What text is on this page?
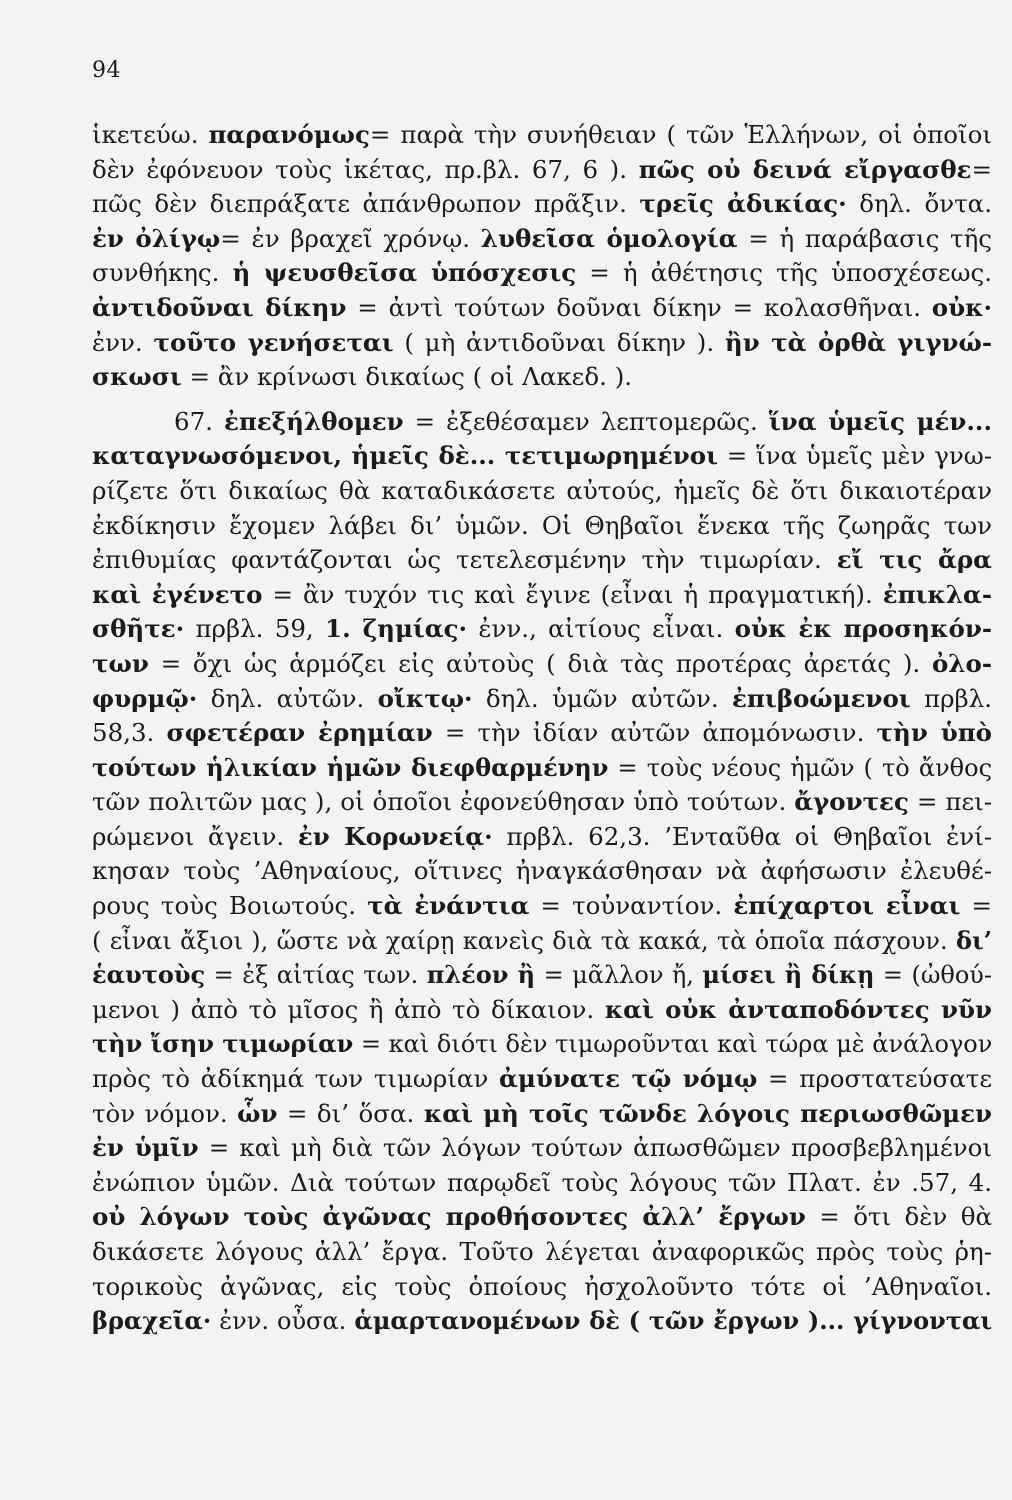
94

ἱκετεύω. παρανόμως= παρὰ τὴν συνήθειαν ( τῶν Ἑλλήνων, οἱ ὁποῖοι

δὲν ἐφόνευον τοὺς ἱκέτας, πρ.βλ. 67, 6 ). πῶς οὐ δεινά εἴργασθε=

πῶς δὲν διεπράξατε ἀπάνθρωπον πρᾶξιν. τρεῖς ἀδικίας· δηλ. ὄντα.

ἐν ὀλίγῳ= ἐν βραχεῖ χρόνῳ. λυθεῖσα ὁμολογία = ἡ παράβασις τῆς

συνθήκης. ἡ ψευσθεῖσα ὑπόσχεσις = ἡ ἀθέτησις τῆς ὑποσχέσεως.

ἀντιδοῦναι δίκην = ἀντὶ τούτων δοῦναι δίκην = κολασθῆναι. οὐκ·

ἐνν. τοῦτο γενήσεται ( μὴ ἀντιδοῦναι δίκην ). ἢν τὰ ὀρθὰ γιγνώ-

σκωσι = ἂν κρίνωσι δικαίως ( οἱ Λακεδ. ).

67. ἐπεξήλθομεν = ἐξεθέσαμεν λεπτομερῶς. ἵνα ὑμεῖς μέν...

καταγνωσόμενοι, ἡμεῖς δὲ... τετιμωρημένοι = ἵνα ὑμεῖς μὲν γνω-

ρίζετε ὅτι δικαίως θὰ καταδικάσετε αὐτούς, ἡμεῖς δὲ ὅτι δικαιοτέραν

ἐκδίκησιν ἔχομεν λάβει δι’ ὑμῶν. Οἱ Θηβαῖοι ἕνεκα τῆς ζωηρᾶς των

ἐπιθυμίας φαντάζονται ὡς τετελεσμένην τὴν τιμωρίαν. εἴ τις ἄρα

καὶ ἐγένετο = ἂν τυχόν τις καὶ ἔγινε (εἶναι ἡ πραγματική). ἐπικλα-

σθῆτε· πρβλ. 59, 1. ζημίας· ἐνν., αἰτίους εἶναι. οὐκ ἐκ προσηκόν-

των = ὄχι ὡς ἁρμόζει εἰς αὐτοὺς ( διὰ τὰς προτέρας ἀρετάς ). ὀλο-

φυρμῷ· δηλ. αὐτῶν. οἴκτῳ· δηλ. ὑμῶν αὐτῶν. ἐπιβοώμενοι πρβλ.

58,3. σφετέραν ἐρημίαν = τὴν ἰδίαν αὐτῶν ἀπομόνωσιν. τὴν ὑπὸ

τούτων ἡλικίαν ἡμῶν διεφθαρμένην = τοὺς νέους ἡμῶν ( τὸ ἄνθος

τῶν πολιτῶν μας ), οἱ ὁποῖοι ἐφονεύθησαν ὑπὸ τούτων. ἄγοντες = πει-

ρώμενοι ἄγειν. ἐν Κορωνείᾳ· πρβλ. 62,3. ’Ενταῦθα οἱ Θηβαῖοι ἐνί-

κησαν τοὺς ’Αθηναίους, οἵτινες ἠναγκάσθησαν νὰ ἀφήσωσιν ἐλευθέ-

ρους τοὺς Βοιωτούς. τὰ ἐνάντια = τοὐναντίον. ἐπίχαρτοι εἶναι =

( εἶναι ἄξιοι ), ὥστε νὰ χαίρῃ κανεὶς διὰ τὰ κακά, τὰ ὁποῖα πάσχουν. δι’

ἑαυτοὺς = ἐξ αἰτίας των. πλέον ἢ = μᾶλλον ἤ, μίσει ἢ δίκῃ = (ὠθού-

μενοι ) ἀπὸ τὸ μῖσος ἢ ἀπὸ τὸ δίκαιον. καὶ οὐκ ἀνταποδόντες νῦν

τὴν ἴσην τιμωρίαν = καὶ διότι δὲν τιμωροῦνται καὶ τώρα μὲ ἀνάλογον

πρὸς τὸ ἀδίκημά των τιμωρίαν ἀμύνατε τῷ νόμῳ = προστατεύσατε

τὸν νόμον. ὧν = δι’ ὅσα. καὶ μὴ τοῖς τῶνδε λόγοις περιωσθῶμεν

ἐν ὑμῖν = καὶ μὴ διὰ τῶν λόγων τούτων ἀπωσθῶμεν προσβεβλημένοι

ἐνώπιον ὑμῶν. Διὰ τούτων παρῳδεῖ τοὺς λόγους τῶν Πλατ. ἐν .57, 4.

οὐ λόγων τοὺς ἀγῶνας προθήσοντες ἀλλ’ ἔργων = ὅτι δὲν θὰ

δικάσετε λόγους ἀλλ’ ἔργα. Τοῦτο λέγεται ἀναφορικῶς πρὸς τοὺς ῥη-

τορικοὺς ἀγῶνας, εἰς τοὺς ὁποίους ἠσχολοῦντο τότε οἱ ’Αθηναῖοι.

βραχεῖα· ἐνν. οὖσα. ἁμαρτανομένων δὲ ( τῶν ἔργων )... γίγνονται
